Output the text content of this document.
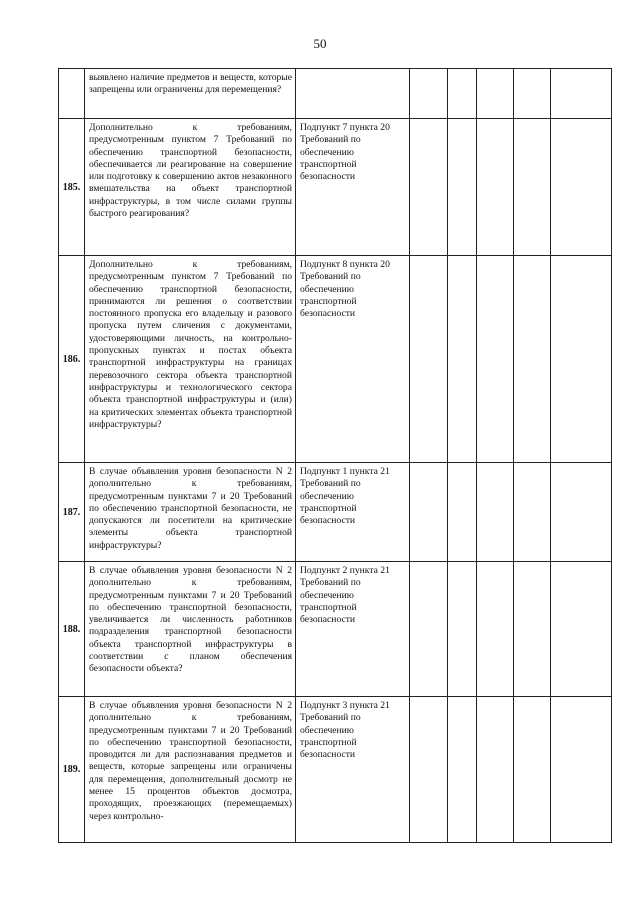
50

	выявлено наличие предметов и веществ, которые запрещены или ограничены для перемещения?						

185.	Дополнительно к требованиям, предусмотренным пунктом 7 Требований по обеспечению транспортной безопасности, обеспечивается ли реагирование на совершение или подготовку к совершению актов незаконного вмешательства на объект транспортной инфраструктуры, в том числе силами группы быстрого реагирования?	Подпункт 7 пункта 20 Требований по обеспечению транспортной безопасности					

186.	Дополнительно к требованиям, предусмотренным пунктом 7 Требований по обеспечению транспортной безопасности, принимаются ли решения о соответствии постоянного пропуска его владельцу и разового пропуска путем сличения с документами, удостоверяющими личность, на контрольно-пропускных пунктах и постах объекта транспортной инфраструктуры на границах перевозочного сектора объекта транспортной инфраструктуры и технологического сектора объекта транспортной инфраструктуры и (или) на критических элементах объекта транспортной инфраструктуры?	Подпункт 8 пункта 20 Требований по обеспечению транспортной безопасности					

187.	В случае объявления уровня безопасности N 2 дополнительно к требованиям, предусмотренным пунктами 7 и 20 Требований по обеспечению транспортной безопасности, не допускаются ли посетители на критические элементы объекта транспортной инфраструктуры?	Подпункт 1 пункта 21 Требований по обеспечению транспортной безопасности					

188.	В случае объявления уровня безопасности N 2 дополнительно к требованиям, предусмотренным пунктами 7 и 20 Требований по обеспечению транспортной безопасности, увеличивается ли численность работников подразделения транспортной безопасности объекта транспортной инфраструктуры в соответствии с планом обеспечения безопасности объекта?	Подпункт 2 пункта 21 Требований по обеспечению транспортной безопасности					

189.	В случае объявления уровня безопасности N 2 дополнительно к требованиям, предусмотренным пунктами 7 и 20 Требований по обеспечению транспортной безопасности, проводится ли для распознавания предметов и веществ, которые запрещены или ограничены для перемещения, дополнительный досмотр не менее 15 процентов объектов досмотра, проходящих, проезжающих (перемещаемых) через контрольно-	Подпункт 3 пункта 21 Требований по обеспечению транспортной безопасности					
